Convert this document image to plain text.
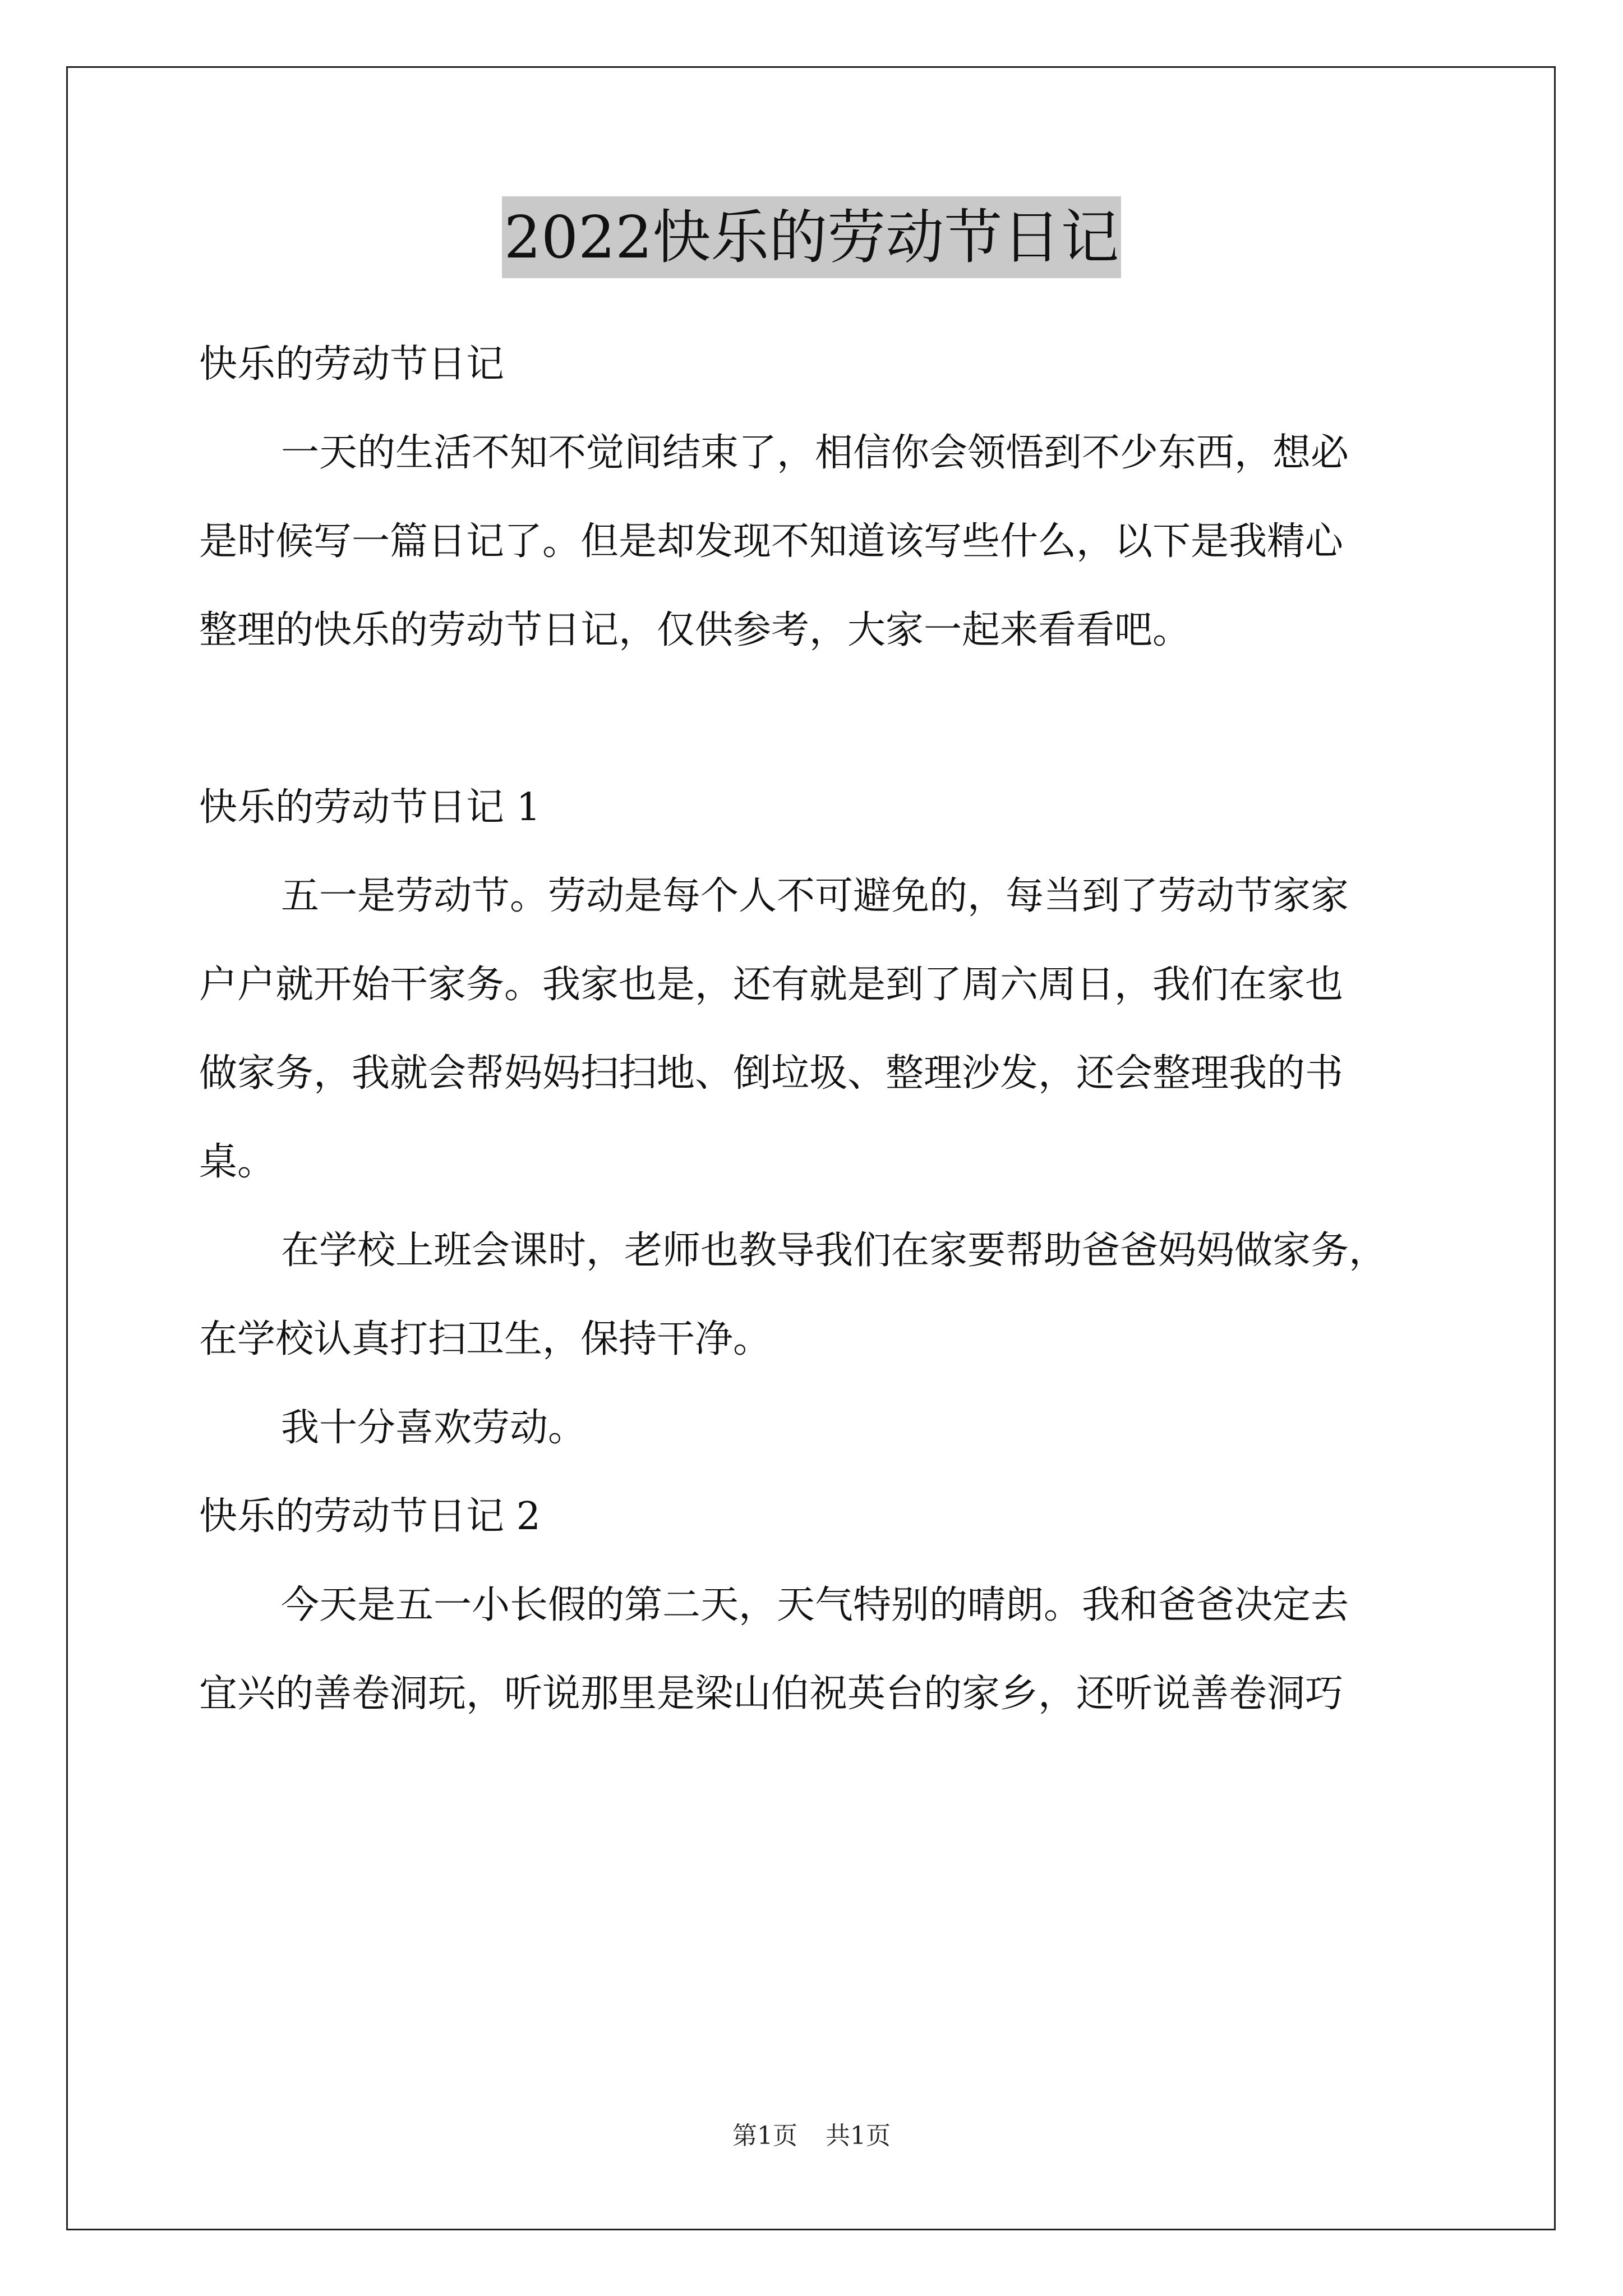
2022快乐的劳动节日记

快乐的劳动节日记

一天的生活不知不觉间结束了，相信你会领悟到不少东西，想必

是时候写一篇日记了。但是却发现不知道该写些什么，以下是我精心

整理的快乐的劳动节日记，仅供参考，大家一起来看看吧。

快乐的劳动节日记 1

五一是劳动节。劳动是每个人不可避免的，每当到了劳动节家家

户户就开始干家务。我家也是，还有就是到了周六周日，我们在家也

做家务，我就会帮妈妈扫扫地、倒垃圾、整理沙发，还会整理我的书

桌。

在学校上班会课时，老师也教导我们在家要帮助爸爸妈妈做家务，

在学校认真打扫卫生，保持干净。

我十分喜欢劳动。

快乐的劳动节日记 2

今天是五一小长假的第二天，天气特别的晴朗。我和爸爸决定去

宜兴的善卷洞玩，听说那里是梁山伯祝英台的家乡，还听说善卷洞巧

第1页 共1页
